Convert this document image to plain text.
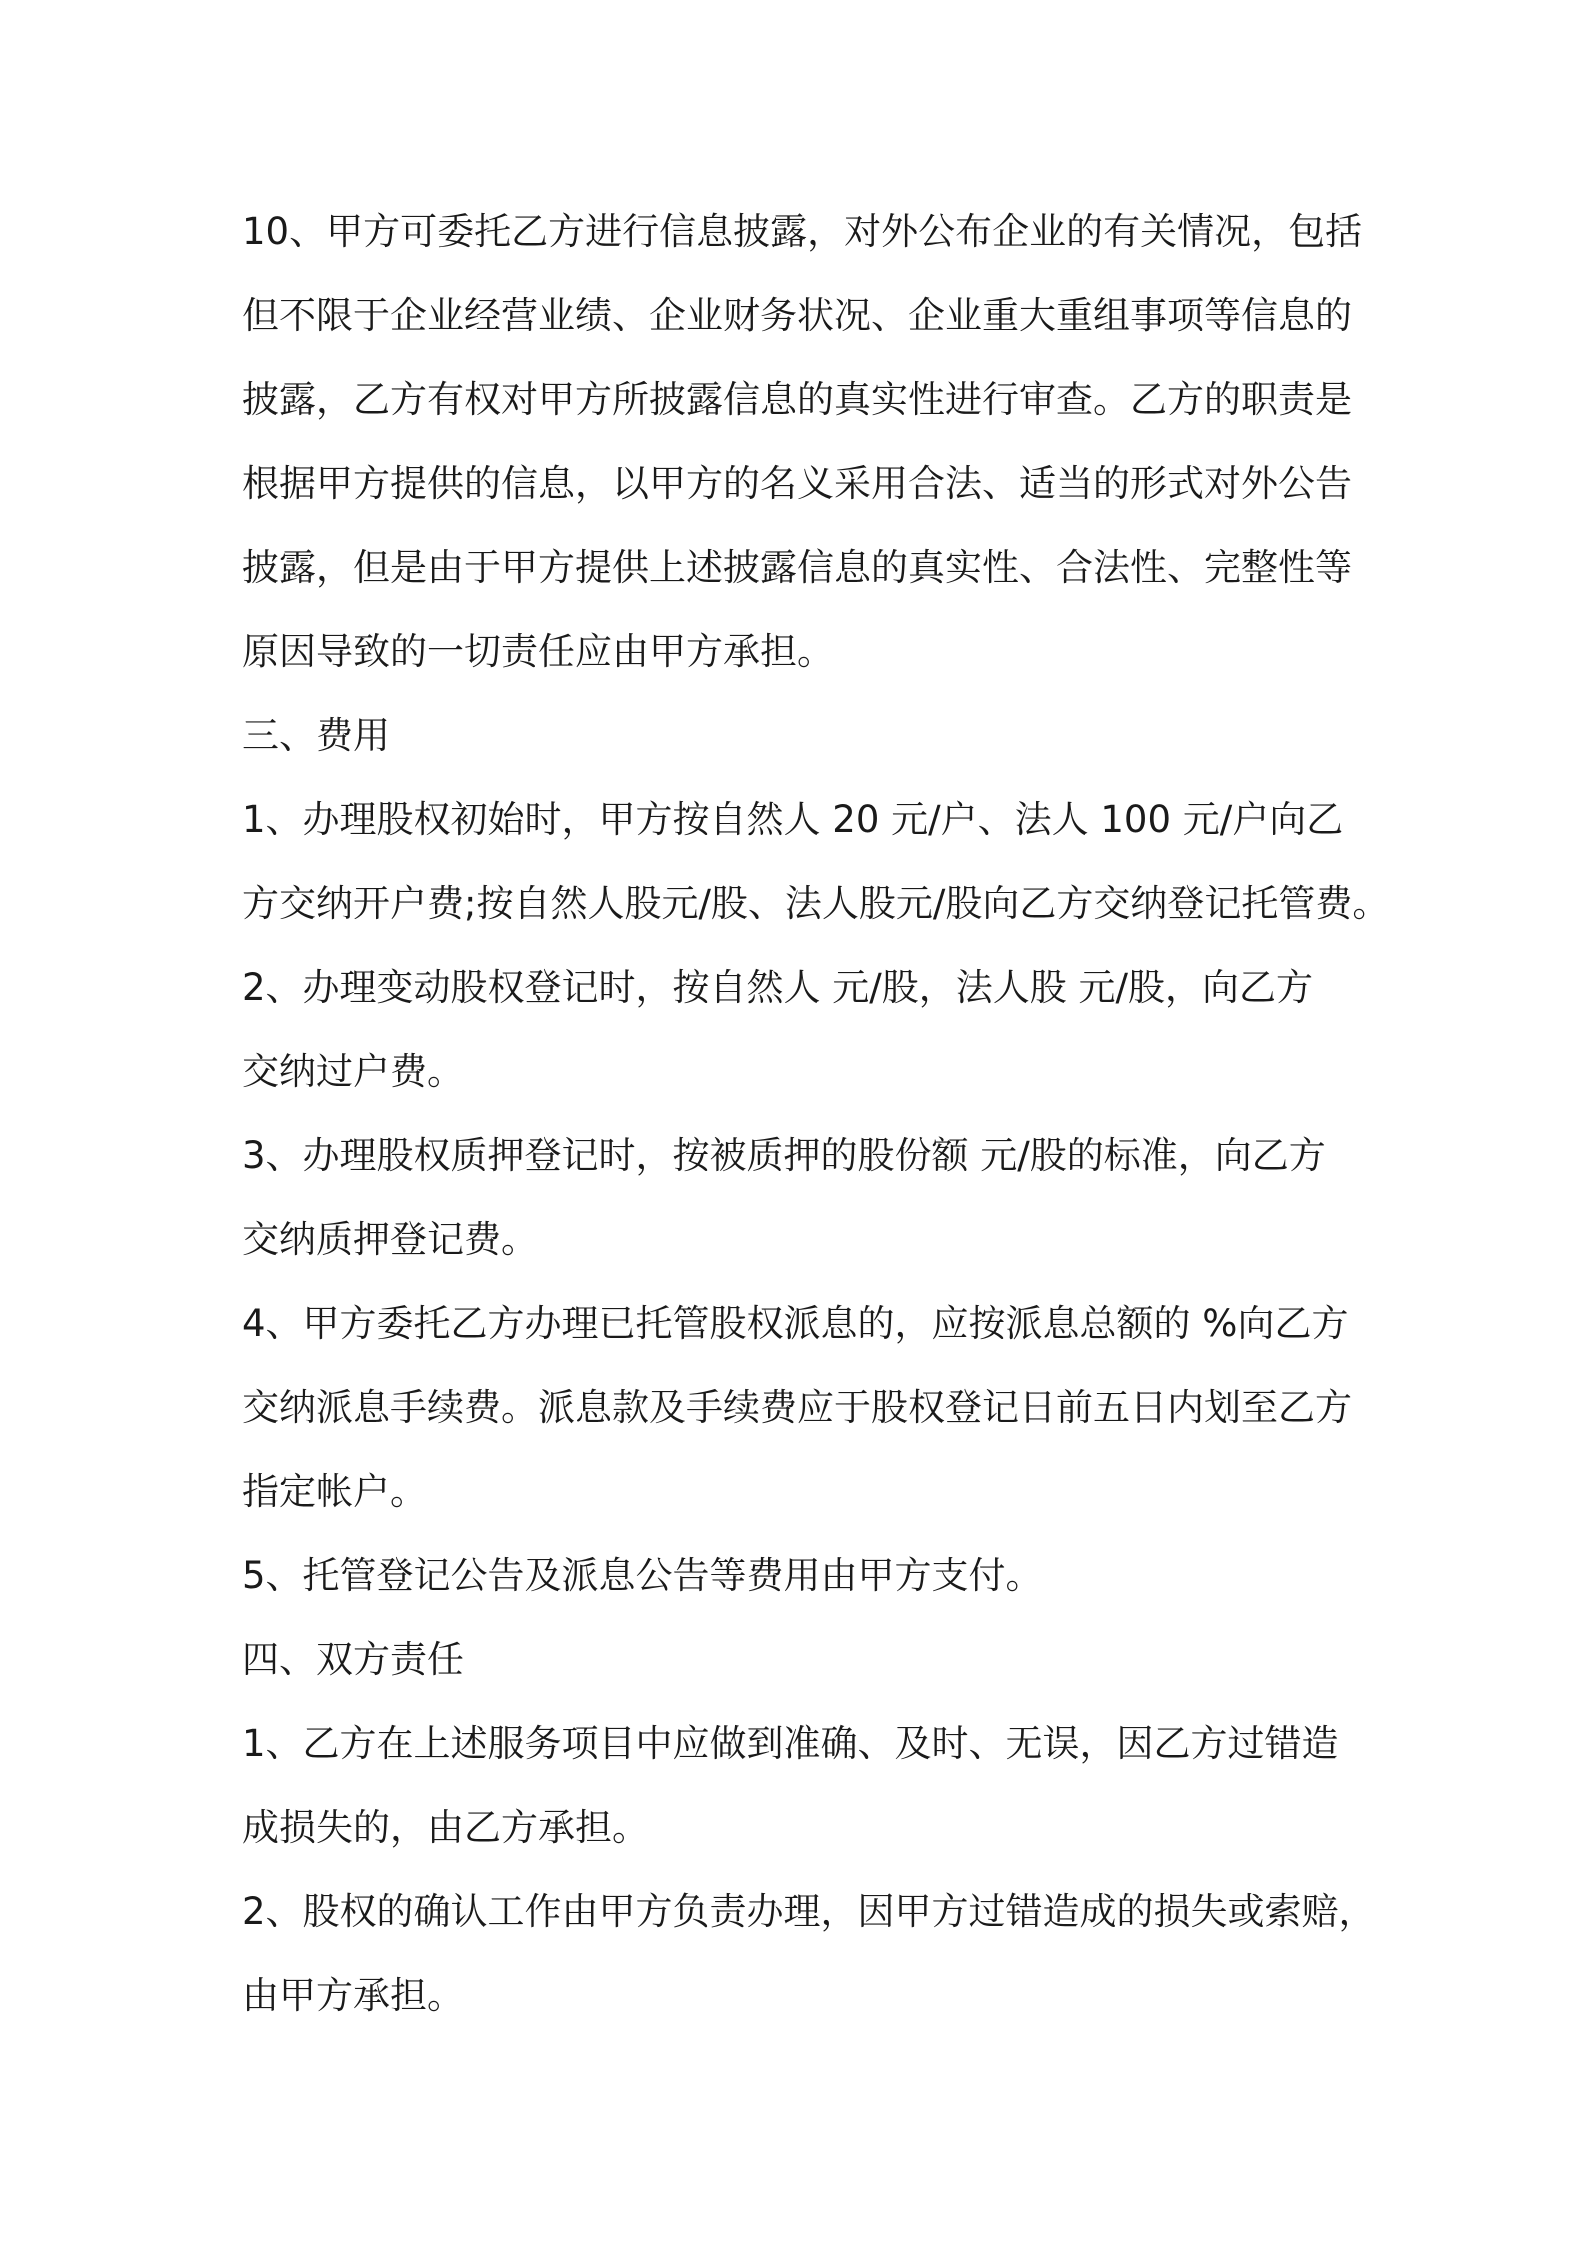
10、甲方可委托乙方进行信息披露，对外公布企业的有关情况，包括
但不限于企业经营业绩、企业财务状况、企业重大重组事项等信息的
披露，乙方有权对甲方所披露信息的真实性进行审查。乙方的职责是
根据甲方提供的信息，以甲方的名义采用合法、适当的形式对外公告
披露，但是由于甲方提供上述披露信息的真实性、合法性、完整性等
原因导致的一切责任应由甲方承担。
三、费用
1、办理股权初始时，甲方按自然人 20 元/户、法人 100 元/户向乙
方交纳开户费;按自然人股元/股、法人股元/股向乙方交纳登记托管费。
2、办理变动股权登记时，按自然人 元/股，法人股 元/股，向乙方
交纳过户费。
3、办理股权质押登记时，按被质押的股份额 元/股的标准，向乙方
交纳质押登记费。
4、甲方委托乙方办理已托管股权派息的，应按派息总额的 %向乙方
交纳派息手续费。派息款及手续费应于股权登记日前五日内划至乙方
指定帐户。
5、托管登记公告及派息公告等费用由甲方支付。
四、双方责任
1、乙方在上述服务项目中应做到准确、及时、无误，因乙方过错造
成损失的，由乙方承担。
2、股权的确认工作由甲方负责办理，因甲方过错造成的损失或索赔，
由甲方承担。
